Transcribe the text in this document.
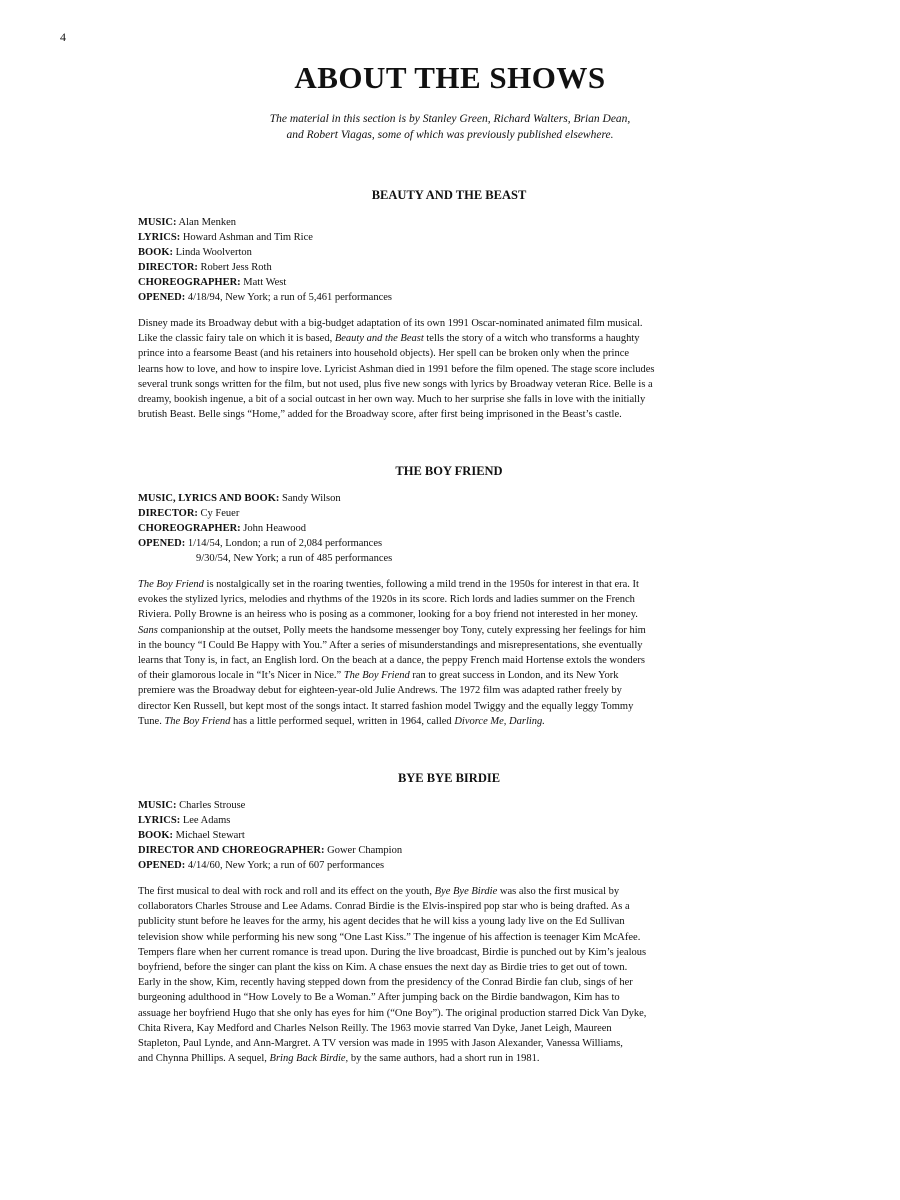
4
ABOUT THE SHOWS
The material in this section is by Stanley Green, Richard Walters, Brian Dean,
and Robert Viagas, some of which was previously published elsewhere.
BEAUTY AND THE BEAST
MUSIC: Alan Menken
LYRICS: Howard Ashman and Tim Rice
BOOK: Linda Woolverton
DIRECTOR: Robert Jess Roth
CHOREOGRAPHER: Matt West
OPENED: 4/18/94, New York; a run of 5,461 performances

Disney made its Broadway debut with a big-budget adaptation of its own 1991 Oscar-nominated animated film musical.

Like the classic fairy tale on which it is based, Beauty and the Beast tells the story of a witch who transforms a haughty

prince into a fearsome Beast (and his retainers into household objects). Her spell can be broken only when the prince

learns how to love, and how to inspire love. Lyricist Ashman died in 1991 before the film opened. The stage score includes

several trunk songs written for the film, but not used, plus five new songs with lyrics by Broadway veteran Rice. Belle is a

dreamy, bookish ingenue, a bit of a social outcast in her own way. Much to her surprise she falls in love with the initially

brutish Beast. Belle sings “Home,” added for the Broadway score, after first being imprisoned in the Beast’s castle.

THE BOY FRIEND
MUSIC, LYRICS AND BOOK: Sandy Wilson
DIRECTOR: Cy Feuer
CHOREOGRAPHER: John Heawood
OPENED: 1/14/54, London; a run of 2,084 performances
9/30/54, New York; a run of 485 performances

The Boy Friend is nostalgically set in the roaring twenties, following a mild trend in the 1950s for interest in that era. It

evokes the stylized lyrics, melodies and rhythms of the 1920s in its score. Rich lords and ladies summer on the French

Riviera. Polly Browne is an heiress who is posing as a commoner, looking for a boy friend not interested in her money.

Sans companionship at the outset, Polly meets the handsome messenger boy Tony, cutely expressing her feelings for him

in the bouncy “I Could Be Happy with You.” After a series of misunderstandings and misrepresentations, she eventually

learns that Tony is, in fact, an English lord. On the beach at a dance, the peppy French maid Hortense extols the wonders

of their glamorous locale in “It’s Nicer in Nice.” The Boy Friend ran to great success in London, and its New York

premiere was the Broadway debut for eighteen-year-old Julie Andrews. The 1972 film was adapted rather freely by

director Ken Russell, but kept most of the songs intact. It starred fashion model Twiggy and the equally leggy Tommy

Tune. The Boy Friend has a little performed sequel, written in 1964, called Divorce Me, Darling.

BYE BYE BIRDIE
MUSIC: Charles Strouse
LYRICS: Lee Adams
BOOK: Michael Stewart
DIRECTOR AND CHOREOGRAPHER: Gower Champion
OPENED: 4/14/60, New York; a run of 607 performances

The first musical to deal with rock and roll and its effect on the youth, Bye Bye Birdie was also the first musical by

collaborators Charles Strouse and Lee Adams. Conrad Birdie is the Elvis-inspired pop star who is being drafted. As a

publicity stunt before he leaves for the army, his agent decides that he will kiss a young lady live on the Ed Sullivan

television show while performing his new song “One Last Kiss.” The ingenue of his affection is teenager Kim McAfee.

Tempers flare when her current romance is tread upon. During the live broadcast, Birdie is punched out by Kim’s jealous

boyfriend, before the singer can plant the kiss on Kim. A chase ensues the next day as Birdie tries to get out of town.

Early in the show, Kim, recently having stepped down from the presidency of the Conrad Birdie fan club, sings of her

burgeoning adulthood in “How Lovely to Be a Woman.” After jumping back on the Birdie bandwagon, Kim has to

assuage her boyfriend Hugo that she only has eyes for him (“One Boy”). The original production starred Dick Van Dyke,

Chita Rivera, Kay Medford and Charles Nelson Reilly. The 1963 movie starred Van Dyke, Janet Leigh, Maureen

Stapleton, Paul Lynde, and Ann-Margret. A TV version was made in 1995 with Jason Alexander, Vanessa Williams,

and Chynna Phillips. A sequel, Bring Back Birdie, by the same authors, had a short run in 1981.
